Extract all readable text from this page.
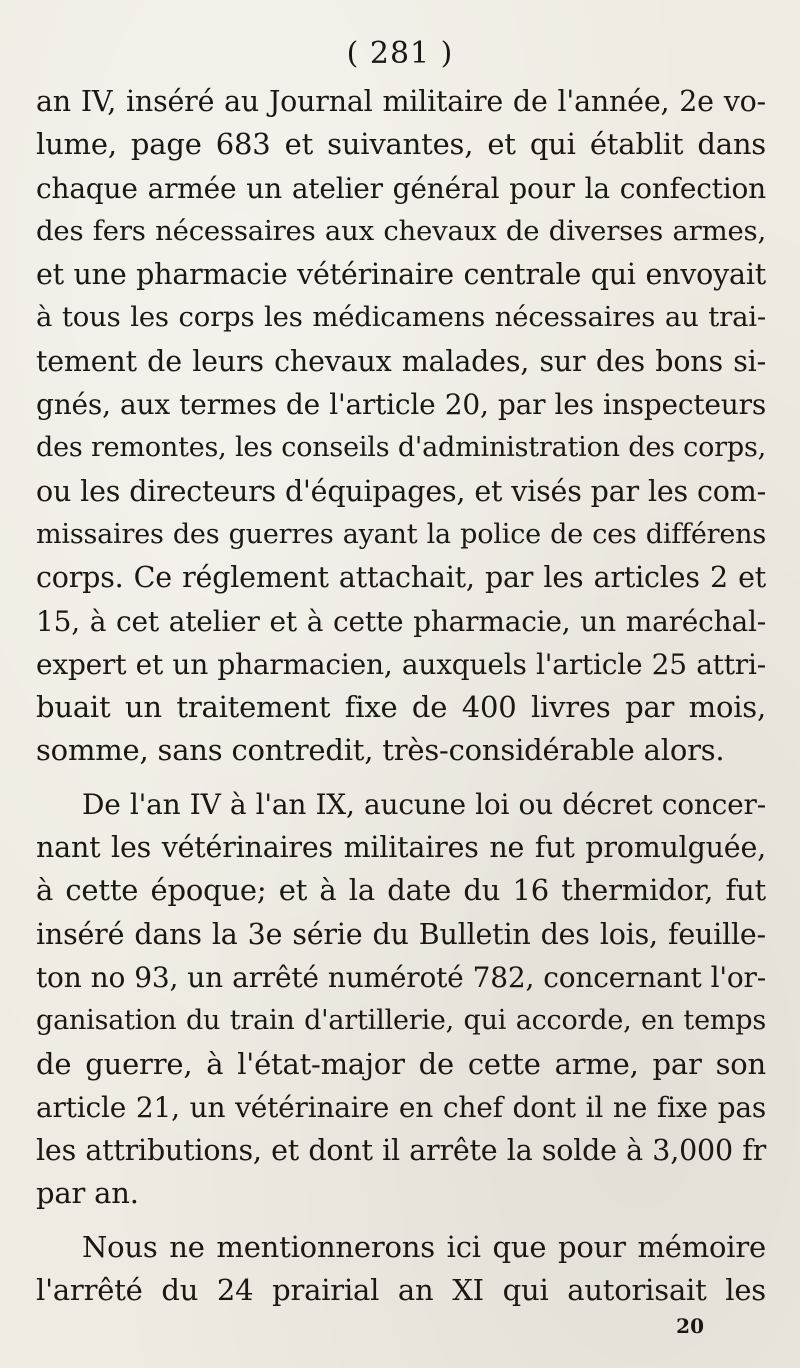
( 281 )
an IV, inséré au Journal militaire de l'année, 2e vo-
lume, page 683 et suivantes, et qui établit dans
chaque armée un atelier général pour la confection
des fers nécessaires aux chevaux de diverses armes,
et une pharmacie vétérinaire centrale qui envoyait
à tous les corps les médicamens nécessaires au trai-
tement de leurs chevaux malades, sur des bons si-
gnés, aux termes de l'article 20, par les inspecteurs
des remontes, les conseils d'administration des corps,
ou les directeurs d'équipages, et visés par les com-
missaires des guerres ayant la police de ces différens
corps. Ce réglement attachait, par les articles 2 et
15, à cet atelier et à cette pharmacie, un maréchal-
expert et un pharmacien, auxquels l'article 25 attri-
buait un traitement fixe de 400 livres par mois,
somme, sans contredit, très-considérable alors.
De l'an IV à l'an IX, aucune loi ou décret concer-
nant les vétérinaires militaires ne fut promulguée,
à cette époque; et à la date du 16 thermidor, fut
inséré dans la 3e série du Bulletin des lois, feuille-
ton no 93, un arrêté numéroté 782, concernant l'or-
ganisation du train d'artillerie, qui accorde, en temps
de guerre, à l'état-major de cette arme, par son
article 21, un vétérinaire en chef dont il ne fixe pas
les attributions, et dont il arrête la solde à 3,000 fr
par an.
Nous ne mentionnerons ici que pour mémoire
l'arrêté du 24 prairial an XI qui autorisait les
20
